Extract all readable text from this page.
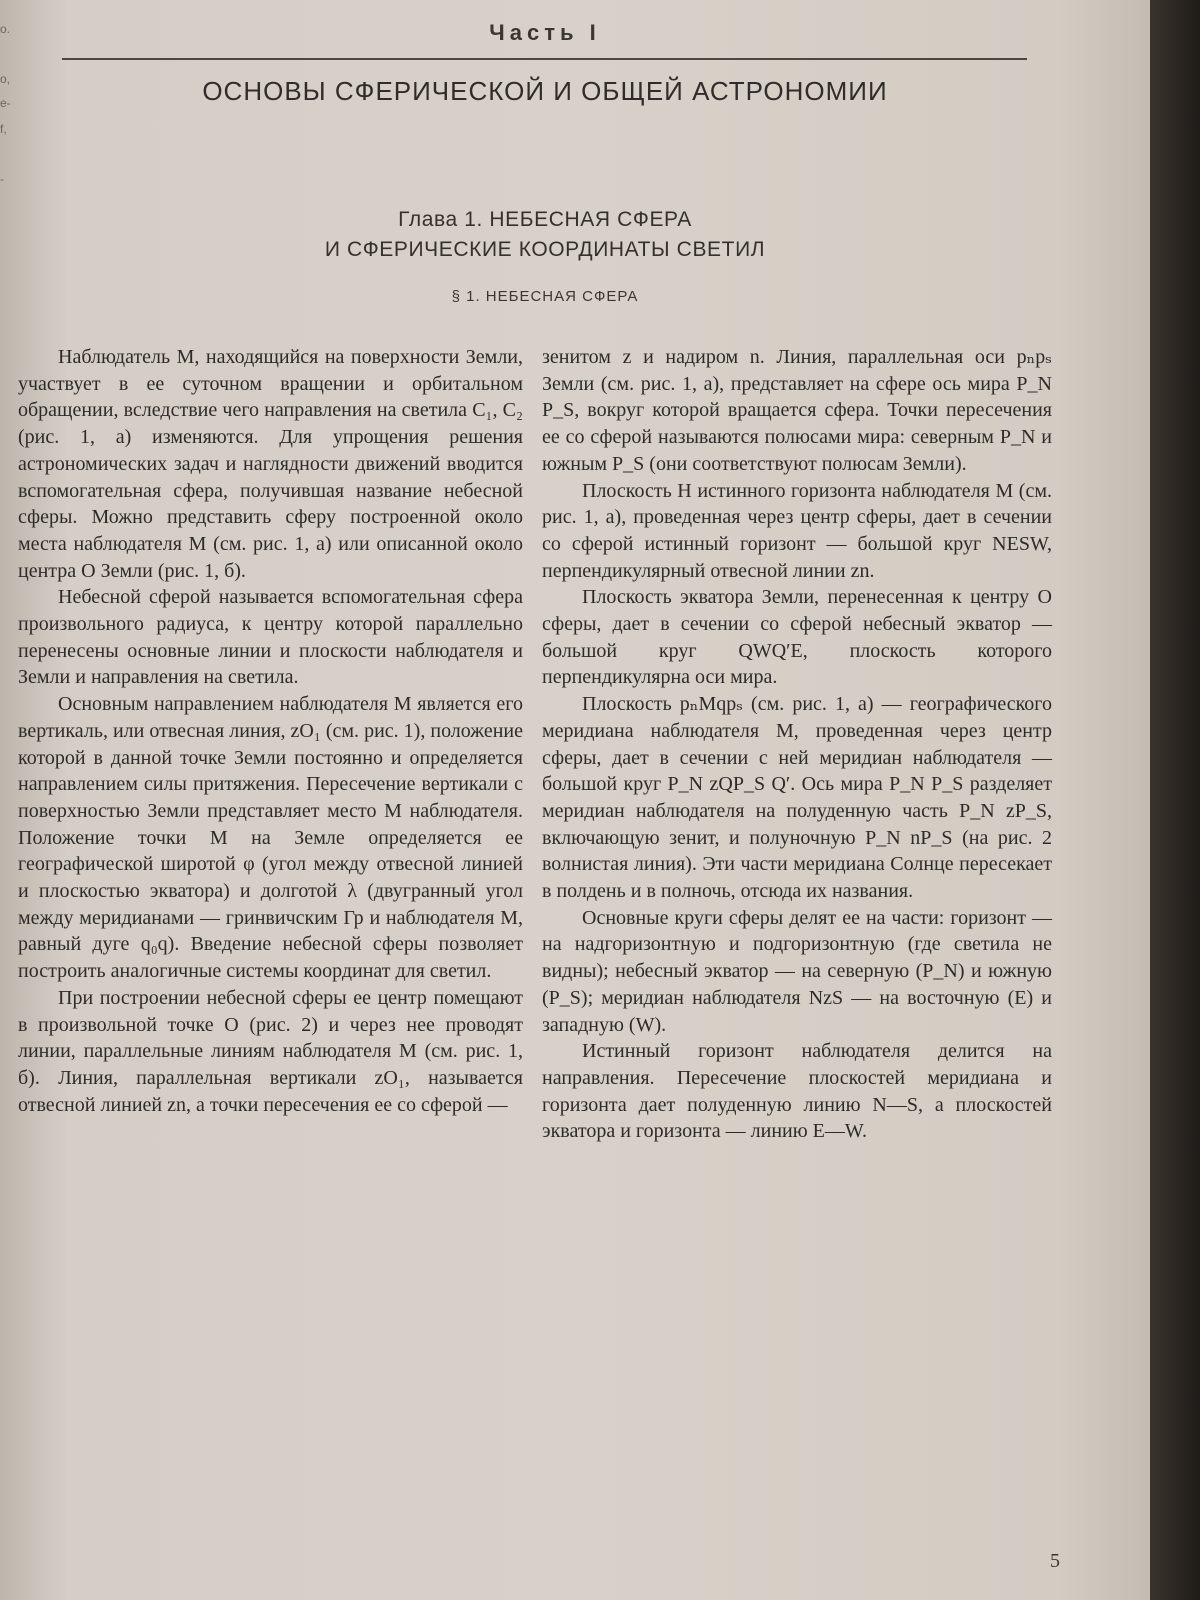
о.
о,
е-
f,
-
Часть I
ОСНОВЫ СФЕРИЧЕСКОЙ И ОБЩЕЙ АСТРОНОМИИ
Глава 1. НЕБЕСНАЯ СФЕРА
И СФЕРИЧЕСКИЕ КООРДИНАТЫ СВЕТИЛ
§ 1. НЕБЕСНАЯ СФЕРА

Наблюдатель M, находящийся на поверхности Земли, участвует в ее суточном вращении и орбитальном обращении, вследствие чего направления на светила C₁, C₂ (рис. 1, а) изменяются. Для упрощения решения астрономических задач и наглядности движений вводится вспомогательная сфера, получившая название небесной сферы. Можно представить сферу построенной около места наблюдателя M (см. рис. 1, а) или описанной около центра O Земли (рис. 1, б).

Небесной сферой называется вспомогательная сфера произвольного радиуса, к центру которой параллельно перенесены основные линии и плоскости наблюдателя и Земли и направления на светила.

Основным направлением наблюдателя M является его вертикаль, или отвесная линия, zO₁ (см. рис. 1), положение которой в данной точке Земли постоянно и определяется направлением силы притяжения. Пересечение вертикали с поверхностью Земли представляет место M наблюдателя. Положение точки M на Земле определяется ее географической широтой φ (угол между отвесной линией и плоскостью экватора) и долготой λ (двугранный угол между меридианами — гринвичским Гр и наблюдателя M, равный дуге q₀q). Введение небесной сферы позволяет построить аналогичные системы координат для светил.

При построении небесной сферы ее центр помещают в произвольной точке O (рис. 2) и через нее проводят линии, параллельные линиям наблюдателя M (см. рис. 1, б). Линия, параллельная вертикали zO₁, называется отвесной линией zn, а точки пересечения ее со сферой —

зенитом z и надиром n. Линия, параллельная оси pₙpₛ Земли (см. рис. 1, а), представляет на сфере ось мира P_N P_S, вокруг которой вращается сфера. Точки пересечения ее со сферой называются полюсами мира: северным P_N и южным P_S (они соответствуют полюсам Земли).

Плоскость H истинного горизонта наблюдателя M (см. рис. 1, а), проведенная через центр сферы, дает в сечении со сферой истинный горизонт — большой круг NESW, перпендикулярный отвесной линии zn.

Плоскость экватора Земли, перенесенная к центру O сферы, дает в сечении со сферой небесный экватор — большой круг QWQ′E, плоскость которого перпендикулярна оси мира.

Плоскость pₙMqpₛ (см. рис. 1, а) — географического меридиана наблюдателя M, проведенная через центр сферы, дает в сечении с ней меридиан наблюдателя — большой круг P_N zQP_S Q′. Ось мира P_N P_S разделяет меридиан наблюдателя на полуденную часть P_N zP_S, включающую зенит, и полуночную P_N nP_S (на рис. 2 волнистая линия). Эти части меридиана Солнце пересекает в полдень и в полночь, отсюда их названия.

Основные круги сферы делят ее на части: горизонт — на надгоризонтную и подгоризонтную (где светила не видны); небесный экватор — на северную (P_N) и южную (P_S); меридиан наблюдателя NzS — на восточную (E) и западную (W).

Истинный горизонт наблюдателя делится на направления. Пересечение плоскостей меридиана и горизонта дает полуденную линию N—S, а плоскостей экватора и горизонта — линию E—W.

5
